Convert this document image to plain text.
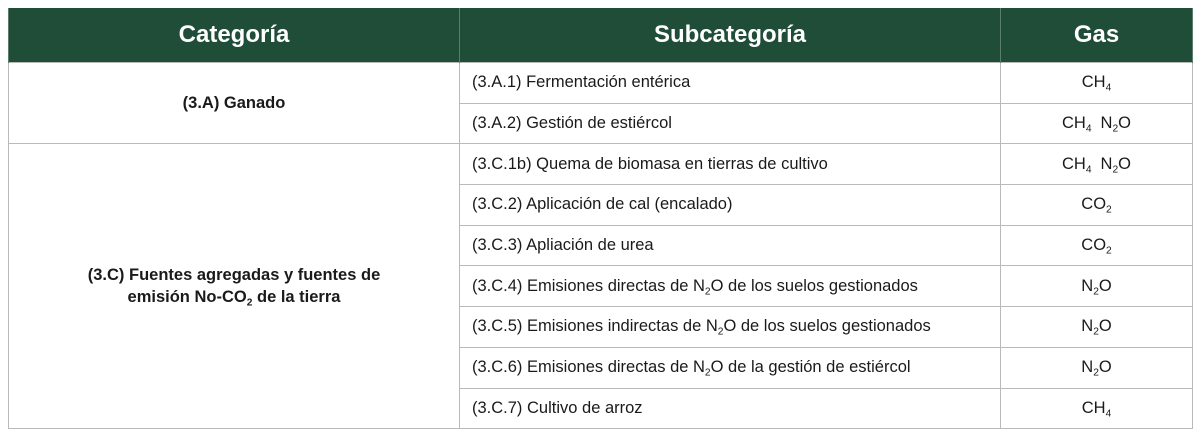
Categoría	Subcategoría	Gas
(3.A) Ganado	(3.A.1) Fermentación entérica	$CH_4$
	(3.A.2) Gestión de estiércol	$CH_4$ $N_2O$
(3.C) Fuentes agregadas y fuentes de
emisión $No-CO_2$ de la tierra	(3.C.1b) Quema de biomasa en tierras de cultivo	$CH_4$ $N_2O$
	(3.C.2) Aplicación de cal (encalado)	$CO_2$
	(3.C.3) Apliación de urea	$CO_2$
	(3.C.4) Emisiones directas de $N_2O$ de los suelos gestionados	$N_2O$
	(3.C.5) Emisiones indirectas de $N_2O$ de los suelos gestionados	$N_2O$
	(3.C.6) Emisiones directas de $N_2O$ de la gestión de estiércol	$N_2O$
	(3.C.7) Cultivo de arroz	$CH_4$
